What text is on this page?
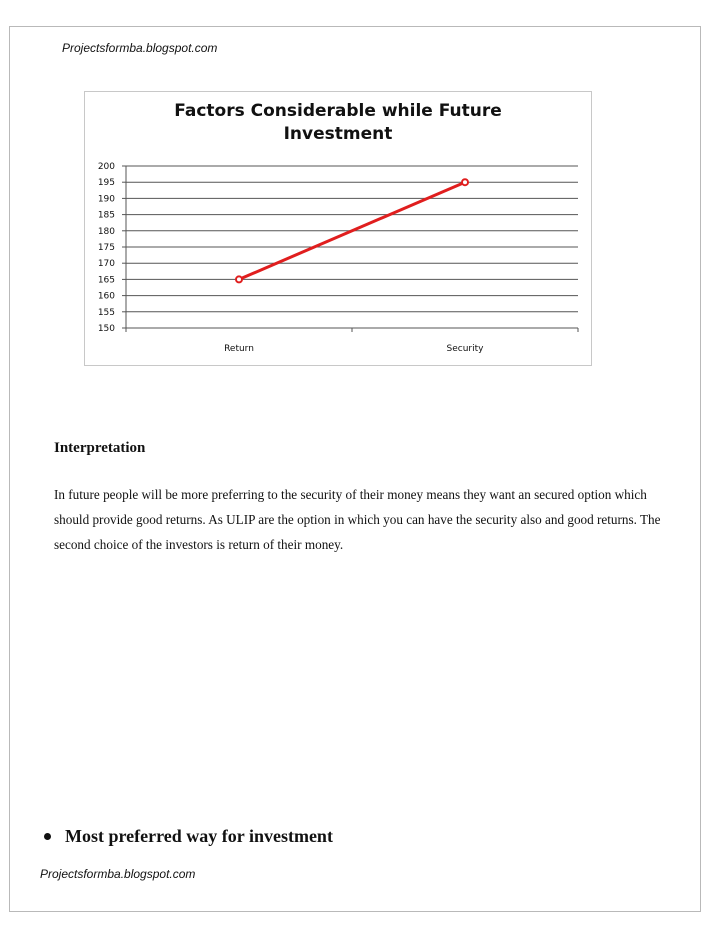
Projectsformba.blogspot.com
Factors Considerable while Future
Investment
150
155
160
165
170
175
180
185
190
195
200
Return	Security
Interpretation
In future people will be more preferring to the security of their money means they want an secured option which should provide good returns. As ULIP are the option in which you can have the security also and good returns. The second choice of the investors is return of their money.
Most preferred way for investment
Projectsformba.blogspot.com
